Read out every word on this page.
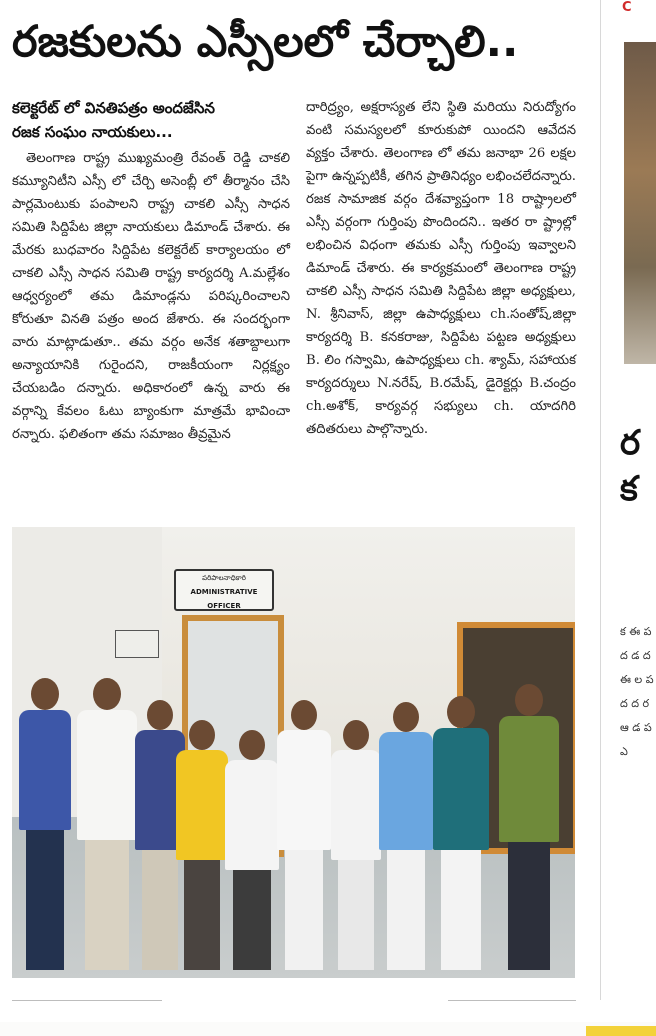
రజకులను ఎస్సీలలో చేర్చాలి..
కలెక్టరేట్ లో వినతిపత్రం అందజేసిన
రజక సంఘం నాయకులు...

తెలంగాణ రాష్ట్ర ముఖ్యమంత్రి రేవంత్ రెడ్డి చాకలి కమ్యూనిటీని ఎస్సీ లో చేర్చి అసెంబ్లీ లో తీర్మానం చేసి పార్లమెంటుకు పంపాలని రాష్ట్ర చాకలి ఎస్సీ సాధన సమితి సిద్దిపేట జిల్లా నాయకులు డిమాండ్ చేశారు. ఈ మేరకు బుధవారం సిద్దిపేట కలెక్టరేట్ కార్యాలయం లో చాకలి ఎస్సీ సాధన సమితి రాష్ట్ర కార్యదర్శి A.మల్లేశం ఆధ్వర్యంలో తమ డిమాండ్లను పరిష్కరించాలని కోరుతూ వినతి పత్రం అంద జేశారు. ఈ సందర్భంగా వారు మాట్లాడుతూ.. తమ వర్గం అనేక శతాబ్దాలుగా అన్యాయానికి గురైందని, రాజకీయంగా నిర్లక్ష్యం చేయబడిం దన్నారు. అధికారంలో ఉన్న వారు ఈ వర్గాన్ని కేవలం ఓటు బ్యాంకుగా మాత్రమే భావించా రన్నారు. ఫలితంగా తమ సమాజం తీవ్రమైన

దారిద్ర్యం, అక్షరాస్యత లేని స్థితి మరియు నిరుద్యోగం వంటి సమస్యలలో కూరుకుపో యిందని ఆవేదన వ్యక్తం చేశారు. తెలంగాణ లో తమ జనాభా 26 లక్షల పైగా ఉన్నప్పటికీ, తగిన ప్రాతినిధ్యం లభించలేదన్నారు. రజక సామాజిక వర్గం దేశవ్యాప్తంగా 18 రాష్ట్రాలలో ఎస్సీ వర్గంగా గుర్తింపు పొందిందని.. ఇతర రా ష్ట్రాల్లో లభించిన విధంగా తమకు ఎస్సీ గుర్తింపు ఇవ్వాలని డిమాండ్ చేశారు. ఈ కార్యక్రమంలో తెలంగాణ రాష్ట్ర చాకలి ఎస్సీ సాధన సమితి సిద్దిపేట జిల్లా అధ్యక్షులు, N. శ్రీనివాస్, జిల్లా ఉపాధ్యక్షులు ch.సంతోష్,జిల్లా కార్యదర్శి B. కనకరాజు, సిద్దిపేట పట్టణ అధ్యక్షులు B. లిం గస్వామి, ఉపాధ్యక్షులు ch. శ్యామ్, సహాయక కార్యదర్శులు N.నరేష్, B.రమేష్, డైరెక్టర్లు B.చంద్రం ch.అశోక్, కార్యవర్గ సభ్యులు ch. యాదగిరి తదితరులు పాల్గొన్నారు.

పరిపాలనాధికారి
ADMINISTRATIVE OFFICER
C
ర
క
క ఈ ప ద డ ద ఈ ల ప ద ద ర ఆ డ ప ఎ
